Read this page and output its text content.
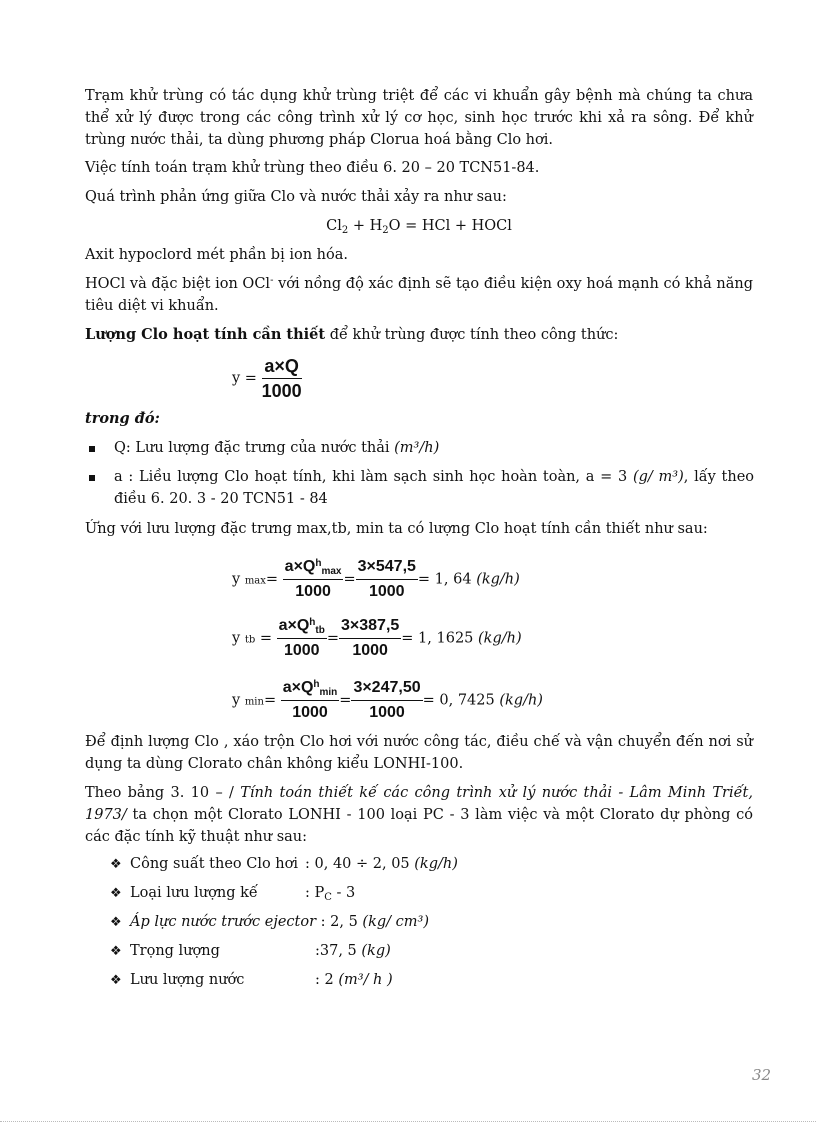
Trạm khử trùng có tác dụng khử trùng triệt để các vi khuẩn gây bệnh mà chúng ta chưa thể xử lý được trong các công trình xử lý cơ học, sinh học trước khi xả ra sông. Để khử trùng nước thải, ta dùng phương pháp Clorua hoá bằng Clo hơi.

Việc tính toán trạm khử trùng theo điều 6. 20 – 20 TCN51-84.

Quá trình phản ứng giữa Clo và nước thải xảy ra như sau:

$Cl_2 + H_2O$ = HCl + HOCl

Axit hypoclord mét phần bị ion hóa.

HOCl và đặc biệt ion OCl- với nồng độ xác định sẽ tạo điều kiện oxy hoá mạnh có khả năng tiêu diệt vi khuẩn.

Lượng Clo hoạt tính cần thiết để khử trùng được tính theo công thức:

$y = \frac{a\times Q}{1000}$

trong đó:

Q: Lưu lượng đặc trưng của nước thải (m³/h)
a : Liều lượng Clo hoạt tính, khi làm sạch sinh học hoàn toàn, a = 3 (g/ m³), lấy theo điều 6. 20. 3 - 20 TCN51 - 84

Ứng với lưu lượng đặc trưng max,tb, min ta có lượng Clo hoạt tính cần thiết như sau:

y $\max= \frac{a\times Q^h_{max}}{1000} = \frac{3\times 547,5}{1000} = 1$, 64 (kg/h)
y tb = $\frac{a\times Q^h_{tb}}{1000} = \frac{3\times 387,5}{1000} = 1$, 1625 (kg/h)
y $\min= \frac{a\times Q^h_{min}}{1000} = \frac{3\times 247,50}{1000} = 0$, 7425 (kg/h)

Để định lượng Clo , xáo trộn Clo hơi với nước công tác, điều chế và vận chuyển đến nơi sử dụng ta dùng Clorato chân không kiểu LONHI-100.

Theo bảng 3. 10 – / Tính toán thiết kế các công trình xử lý nước thải - Lâm Minh Triết, 1973/ ta chọn một Clorato LONHI - 100 loại PC - 3 làm việc và một Clorato dự phòng có các đặc tính kỹ thuật như sau:

❖ Công suất theo Clo hơi : 0, 40 ÷ 2, 05 (kg/h)
❖ Loại lưu lượng kế	: $P_C - 3$
❖ Áp lực nước trước ejector : 2, 5 (kg/ cm³)
❖ Trọng lượng	:37, 5 (kg)
❖ Lưu lượng nước	: 2 (m³/ h )
32
